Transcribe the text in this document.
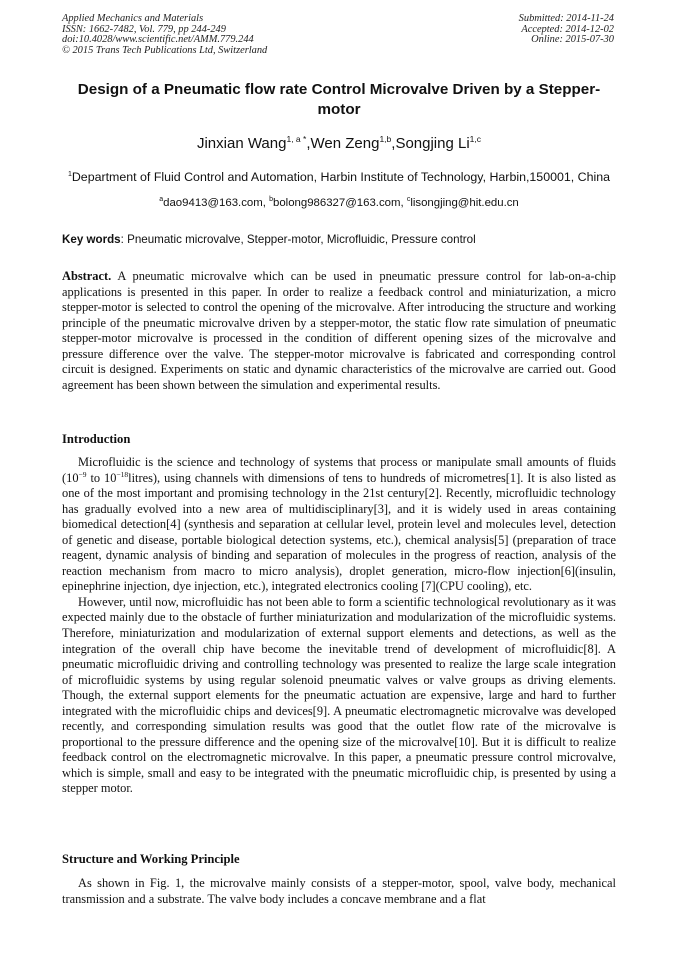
Applied Mechanics and Materials
ISSN: 1662-7482, Vol. 779, pp 244-249
doi:10.4028/www.scientific.net/AMM.779.244
© 2015 Trans Tech Publications Ltd, Switzerland
Submitted: 2014-11-24
Accepted: 2014-12-02
Online: 2015-07-30
Design of a Pneumatic flow rate Control Microvalve Driven by a Stepper-motor
Jinxian Wang$^{1, a *}$,Wen Zeng$^{1,b}$,Songjing Li$^{1,c}$
$^1$Department of Fluid Control and Automation, Harbin Institute of Technology, Harbin,150001, China
$^a$dao9413@163.com, $^b$bolong986327@163.com, $^c$lisongjing@hit.edu.cn
Key words: Pneumatic microvalve, Stepper-motor, Microfluidic, Pressure control

Abstract. A pneumatic microvalve which can be used in pneumatic pressure control for lab-on-a-chip applications is presented in this paper. In order to realize a feedback control and miniaturization, a micro stepper-motor is selected to control the opening of the microvalve. After introducing the structure and working principle of the pneumatic microvalve driven by a stepper-motor, the static flow rate simulation of pneumatic stepper-motor microvalve is processed in the condition of different opening sizes of the microvalve and pressure difference over the valve. The stepper-motor microvalve is fabricated and corresponding control circuit is designed. Experiments on static and dynamic characteristics of the microvalve are carried out. Good agreement has been shown between the simulation and experimental results.

Introduction

Microfluidic is the science and technology of systems that process or manipulate small amounts of fluids ($10^{-9}$ to $10^{-18}litres$), using channels with dimensions of tens to hundreds of micrometres[1]. It is also listed as one of the most important and promising technology in the 21st century[2]. Recently, microfluidic technology has gradually evolved into a new area of multidisciplinary[3], and it is widely used in areas containing biomedical detection[4] (synthesis and separation at cellular level, protein level and molecules level, detection of genetic and disease, portable biological detection systems, etc.), chemical analysis[5] (preparation of trace reagent, dynamic analysis of binding and separation of molecules in the progress of reaction, analysis of the reaction mechanism from macro to micro analysis), droplet generation, micro-flow injection[6](insulin, epinephrine injection, dye injection, etc.), integrated electronics cooling [7](CPU cooling), etc.

However, until now, microfluidic has not been able to form a scientific technological revolutionary as it was expected mainly due to the obstacle of further miniaturization and modularization of the microfluidic systems. Therefore, miniaturization and modularization of external support elements and detections, as well as the integration of the overall chip have become the inevitable trend of development of microfluidic[8]. A pneumatic microfluidic driving and controlling technology was presented to realize the large scale integration of microfluidic systems by using regular solenoid pneumatic valves or valve groups as driving elements. Though, the external support elements for the pneumatic actuation are expensive, large and hard to further integrated with the microfluidic chips and devices[9]. A pneumatic electromagnetic microvalve was developed recently, and corresponding simulation results was good that the outlet flow rate of the microvalve is proportional to the pressure difference and the opening size of the microvalve[10]. But it is difficult to realize feedback control on the electromagnetic microvalve. In this paper, a pneumatic pressure control microvalve, which is simple, small and easy to be integrated with the pneumatic microfluidic chip, is presented by using a stepper motor.

Structure and Working Principle

As shown in Fig. 1, the microvalve mainly consists of a stepper-motor, spool, valve body, mechanical transmission and a substrate. The valve body includes a concave membrane and a flat
